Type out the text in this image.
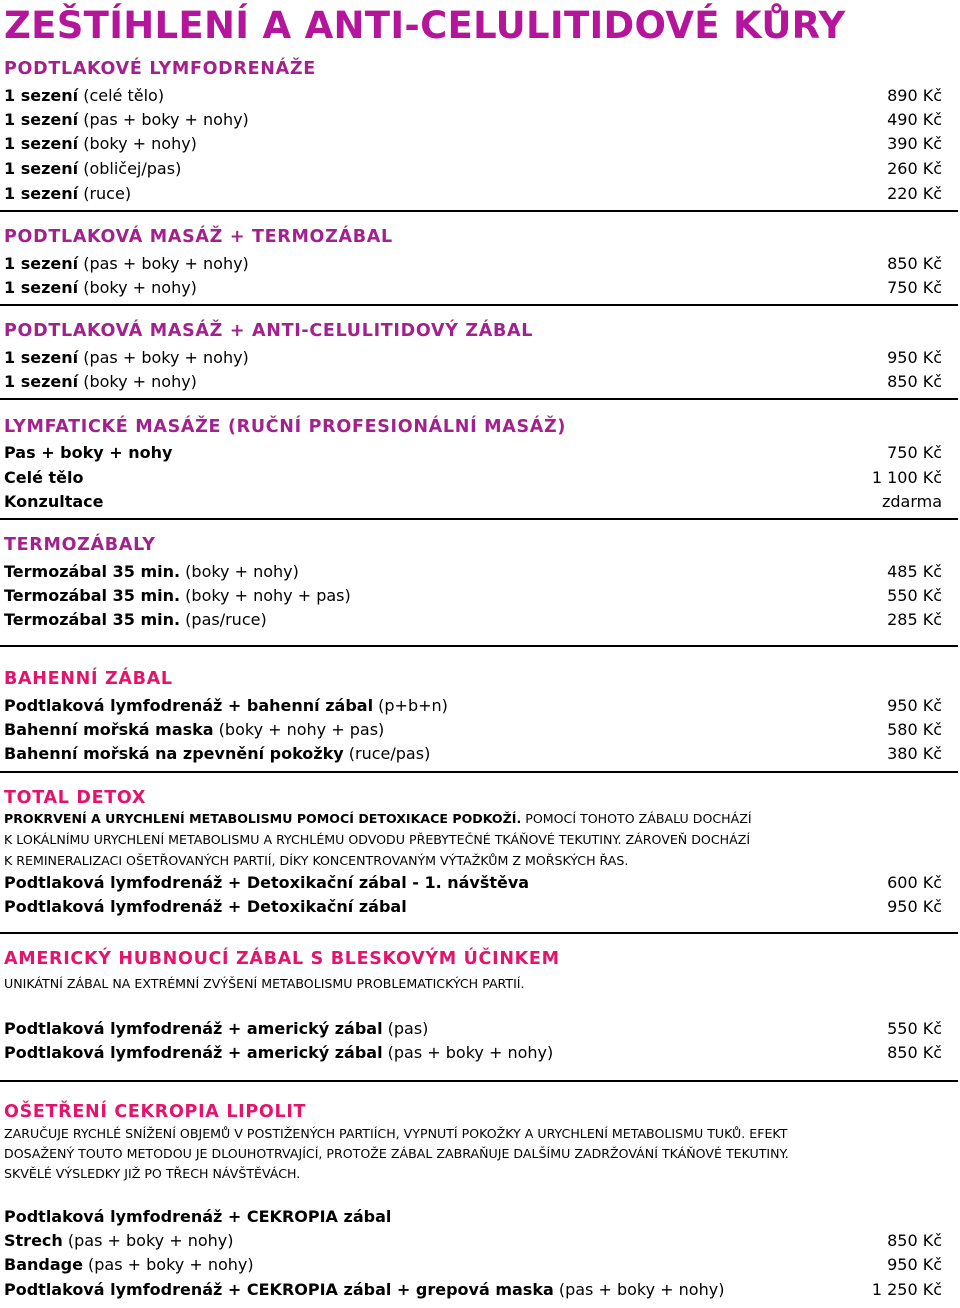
ZEŠTÍHLENÍ A ANTI-CELULITIDOVÉ KŮRY
PODTLAKOVÉ LYMFODRENÁŽE
1 sezení (celé tělo)	890 Kč
1 sezení (pas + boky + nohy)	490 Kč
1 sezení (boky + nohy)	390 Kč
1 sezení (obličej/pas)	260 Kč
1 sezení (ruce)	220 Kč
PODTLAKOVÁ MASÁŽ + TERMOZÁBAL
1 sezení (pas + boky + nohy)	850 Kč
1 sezení (boky + nohy)	750 Kč
PODTLAKOVÁ MASÁŽ + ANTI-CELULITIDOVÝ ZÁBAL
1 sezení (pas + boky + nohy)	950 Kč
1 sezení (boky + nohy)	850 Kč
LYMFATICKÉ MASÁŽE (RUČNÍ PROFESIONÁLNÍ MASÁŽ)
Pas + boky + nohy	750 Kč
Celé tělo	1 100 Kč
Konzultace	zdarma
TERMOZÁBALY
Termozábal 35 min. (boky + nohy)	485 Kč
Termozábal 35 min. (boky + nohy + pas)	550 Kč
Termozábal 35 min. (pas/ruce)	285 Kč
BAHENNÍ ZÁBAL
Podtlaková lymfodrenáž + bahenní zábal (p+b+n)	950 Kč
Bahenní mořská maska (boky + nohy + pas)	580 Kč
Bahenní mořská na zpevnění pokožky (ruce/pas)	380 Kč
TOTAL DETOX
PROKRVENÍ A URYCHLENÍ METABOLISMU POMOCÍ DETOXIKACE PODKOŽÍ. POMOCÍ TOHOTO ZÁBALU DOCHÁZÍ
K LOKÁLNÍMU URYCHLENÍ METABOLISMU A RYCHLÉMU ODVODU PŘEBYTEČNÉ TKÁŇOVÉ TEKUTINY. ZÁROVEŇ DOCHÁZÍ
K REMINERALIZACI OŠETŘOVANÝCH PARTIÍ, DÍKY KONCENTROVANÝM VÝTAŽKŮM Z MOŘSKÝCH ŘAS.
Podtlaková lymfodrenáž + Detoxikační zábal - 1. návštěva	600 Kč
Podtlaková lymfodrenáž + Detoxikační zábal	950 Kč
AMERICKÝ HUBNOUCÍ ZÁBAL S BLESKOVÝM ÚČINKEM
UNIKÁTNÍ ZÁBAL NA EXTRÉMNÍ ZVÝŠENÍ METABOLISMU PROBLEMATICKÝCH PARTIÍ.
Podtlaková lymfodrenáž + americký zábal (pas)	550 Kč
Podtlaková lymfodrenáž + americký zábal (pas + boky + nohy)	850 Kč
OŠETŘENÍ CEKROPIA LIPOLIT
ZARUČUJE RYCHLÉ SNÍŽENÍ OBJEMŮ V POSTIŽENÝCH PARTIÍCH, VYPNUTÍ POKOŽKY A URYCHLENÍ METABOLISMU TUKŮ. EFEKT
DOSAŽENÝ TOUTO METODOU JE DLOUHOTRVAJÍCÍ, PROTOŽE ZÁBAL ZABRAŇUJE DALŠÍMU ZADRŽOVÁNÍ TKÁŇOVÉ TEKUTINY.
SKVĚLÉ VÝSLEDKY JIŽ PO TŘECH NÁVŠTĚVÁCH.
Podtlaková lymfodrenáž + CEKROPIA zábal
Strech (pas + boky + nohy)	850 Kč
Bandage (pas + boky + nohy)	950 Kč
Podtlaková lymfodrenáž + CEKROPIA zábal + grepová maska (pas + boky + nohy)	1 250 Kč
